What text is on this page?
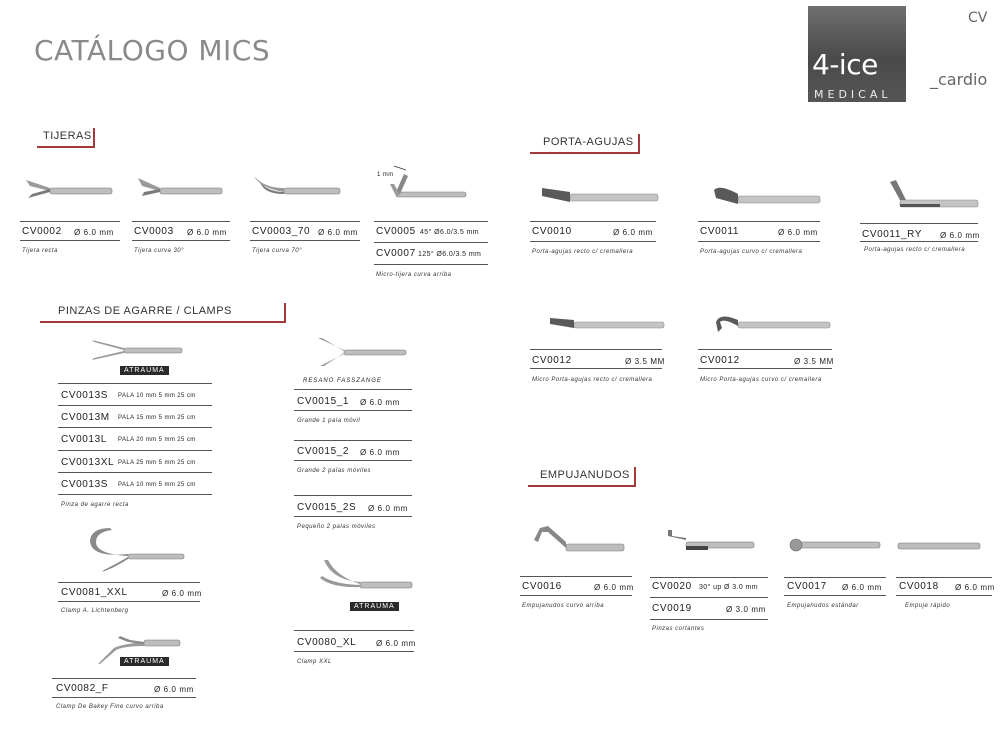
CATÁLOGO MICS
CV
4-ice
MEDICAL
_cardio
TIJERAS	PORTA-AGUJAS
PINZAS DE AGARRE / CLAMPS
EMPUJANUDOS
CV0002 Ø 6.0 mm
Tijera recta
CV0003 Ø 6.0 mm
Tijera curva 30°
CV0003_70 Ø 6.0 mm
Tijera curva 70°
1 mm
CV0005 45° Ø6.0/3.5 mm
CV0007 125° Ø6.0/3.5 mm
Micro-tijera curva arriba
CV0010	Ø 6.0 mm
Porta-agujas recto c/ cremallera
CV0011	Ø 6.0 mm
Porta-agujas curvo c/ cremallera
CV0011_RY Ø 6.0 mm
Porta-agujas recto c/ cremallera
CV0012	Ø 3.5 MM
Micro Porta-agujas recto c/ cremallera
CV0012	Ø 3.5 MM
Micro Porta-agujas curvo c/ cremallera
ATRAUMA
CV0013S PALA 10 mm 5 mm 25 cm
CV0013M PALA 15 mm 5 mm 25 cm
CV0013L PALA 20 mm 5 mm 25 cm
CV0013XL PALA 25 mm 5 mm 25 cm
CV0013S PALA 10 mm 5 mm 25 cm
Pinza de agarre recta
CV0081_XXL	Ø 6.0 mm
Clamp A. Lichtenberg
ATRAUMA
CV0082_F	Ø 6.0 mm
Clamp De Bakey Fine curvo arriba
RESANO FASSZANGE
CV0015_1 Ø 6.0 mm
Grande 1 pala móvil
CV0015_2 Ø 6.0 mm
Grande 2 palas móviles
CV0015_2S Ø 6.0 mm
Pequeño 2 palas móviles
ATRAUMA
CV0080_XL Ø 6.0 mm
Clamp XXL
CV0016	Ø 6.0 mm
Empujanudos curvo arriba
CV0020 30° up Ø 3.0 mm
CV0019	Ø 3.0 mm
Pinzas cortantes
CV0017 Ø 6.0 mm
Empujanudos estándar
CV0018 Ø 6.0 mm
Empuje rápido
